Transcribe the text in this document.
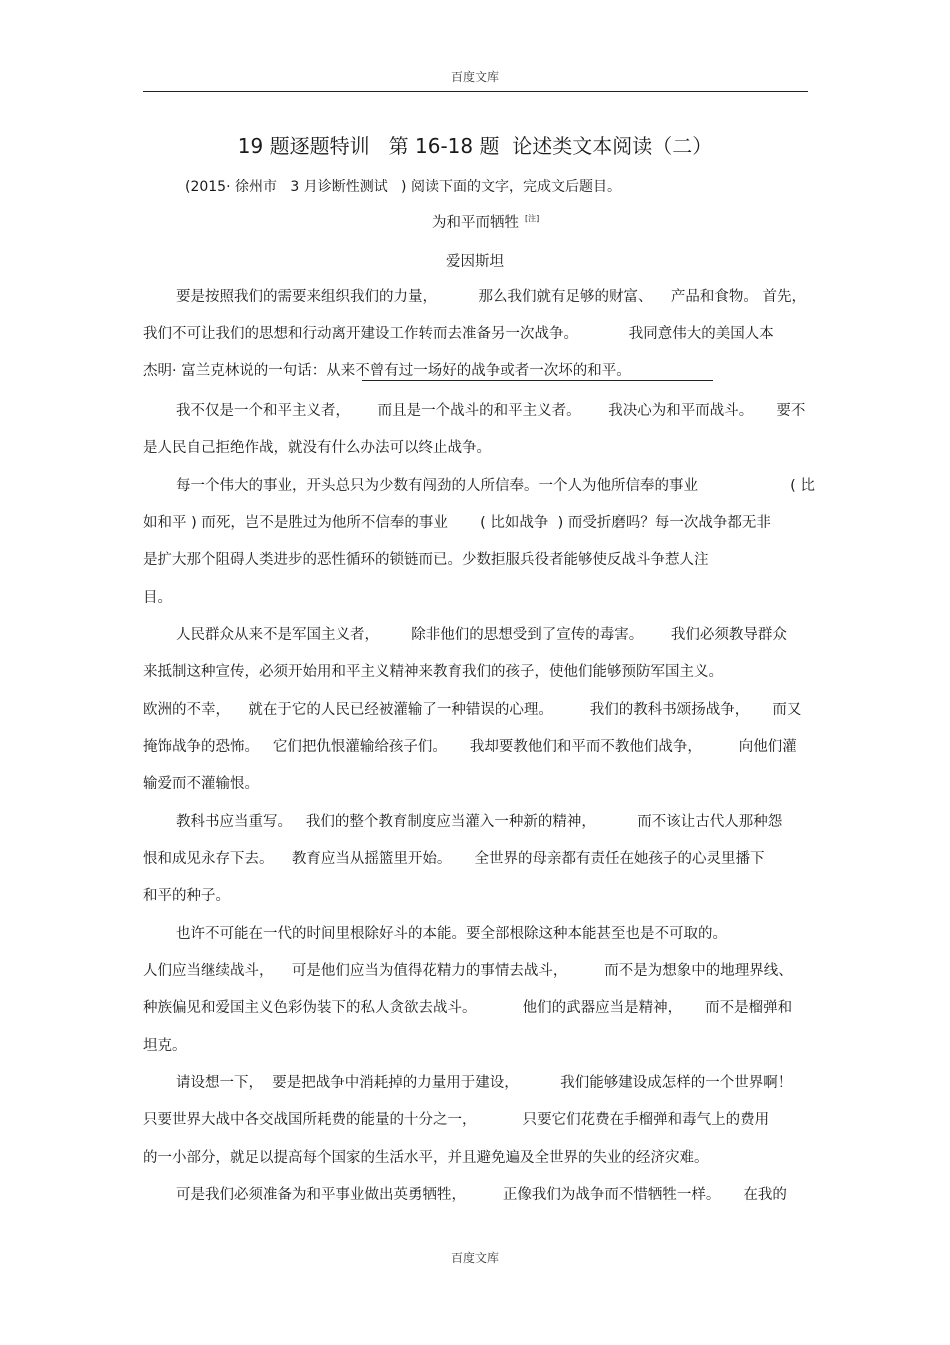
百度文库
19 题逐题特训   第 16-18 题  论述类文本阅读（二）
(2015· 徐州市   3 月诊断性测试   ) 阅读下面的文字，完成文后题目。
为和平而牺牲 [注]
爱因斯坦
要是按照我们的需要来组织我们的力量，         那么我们就有足够的财富、    产品和食物。 首先，
我们不可让我们的思想和行动离开建设工作转而去准备另一次战争。           我同意伟大的美国人本
杰明· 富兰克林说的一句话：从来不曾有过一场好的战争或者一次坏的和平。
我不仅是一个和平主义者，      而且是一个战斗的和平主义者。      我决心为和平而战斗。     要不
是人民自己拒绝作战，就没有什么办法可以终止战争。
每一个伟大的事业，开头总只为少数有闯劲的人所信奉。一个人为他所信奉的事业                    ( 比
如和平 ) 而死，岂不是胜过为他所不信奉的事业       ( 比如战争  ) 而受折磨吗？每一次战争都无非
是扩大那个阻碍人类进步的恶性循环的锁链而已。少数拒服兵役者能够使反战斗争惹人注
目。
人民群众从来不是军国主义者，       除非他们的思想受到了宣传的毒害。      我们必须教导群众
来抵制这种宣传，必须开始用和平主义精神来教育我们的孩子，使他们能够预防军国主义。
欧洲的不幸，    就在于它的人民已经被灌输了一种错误的心理。        我们的教科书颂扬战争，     而又
掩饰战争的恐怖。   它们把仇恨灌输给孩子们。     我却要教他们和平而不教他们战争，        向他们灌
输爱而不灌输恨。
教科书应当重写。   我们的整个教育制度应当灌入一种新的精神，         而不该让古代人那种怨
恨和成见永存下去。    教育应当从摇篮里开始。     全世界的母亲都有责任在她孩子的心灵里播下
和平的种子。
也许不可能在一代的时间里根除好斗的本能。要全部根除这种本能甚至也是不可取的。
人们应当继续战斗，    可是他们应当为值得花精力的事情去战斗，        而不是为想象中的地理界线、
种族偏见和爱国主义色彩伪装下的私人贪欲去战斗。          他们的武器应当是精神，     而不是榴弹和
坦克。
请设想一下，  要是把战争中消耗掉的力量用于建设，         我们能够建设成怎样的一个世界啊！
只要世界大战中各交战国所耗费的能量的十分之一，          只要它们花费在手榴弹和毒气上的费用
的一小部分，就足以提高每个国家的生活水平，并且避免遍及全世界的失业的经济灾难。
可是我们必须准备为和平事业做出英勇牺牲，        正像我们为战争而不惜牺牲一样。     在我的
百度文库
